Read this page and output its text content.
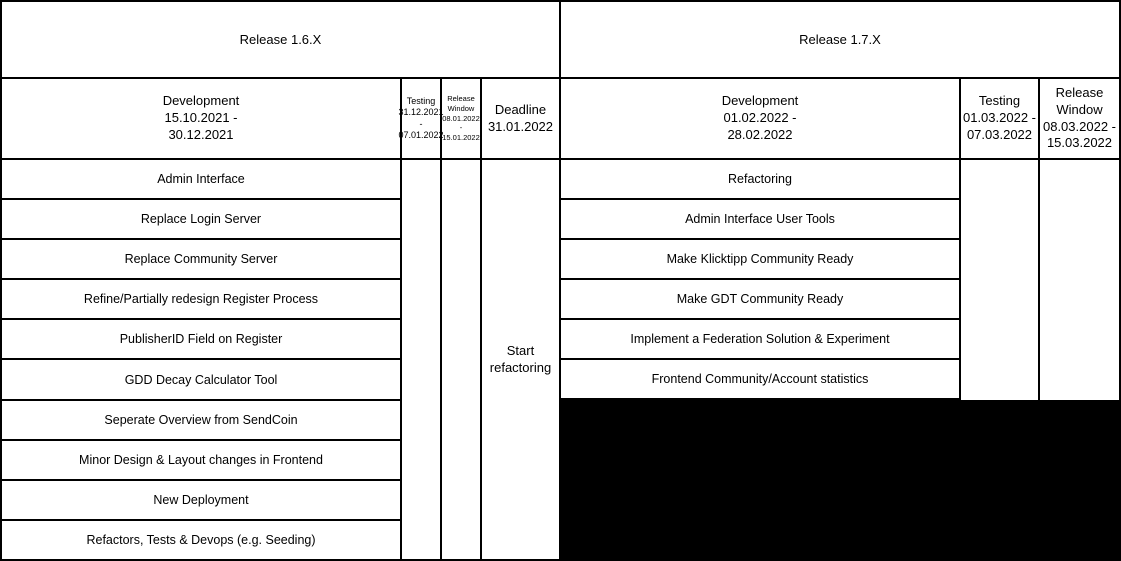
Release 1.6.X
Development
15.10.2021 -
30.12.2021
Testing
31.12.2021
-
07.01.2022
Release
Window
08.01.2022
-
15.01.2022
Deadline
31.01.2022
Admin Interface
Replace Login Server
Replace Community Server
Refine/Partially redesign Register Process
PublisherID Field on Register
GDD Decay Calculator Tool
Seperate Overview from SendCoin
Minor Design & Layout changes in Frontend
New Deployment
Refactors, Tests & Devops (e.g. Seeding)
Start refactoring
Release 1.7.X
Development
01.02.2022 -
28.02.2022
Testing
01.03.2022 -
07.03.2022
Release
Window
08.03.2022 -
15.03.2022
Refactoring
Admin Interface User Tools
Make Klicktipp Community Ready
Make GDT Community Ready
Implement a Federation Solution & Experiment
Frontend Community/Account statistics
